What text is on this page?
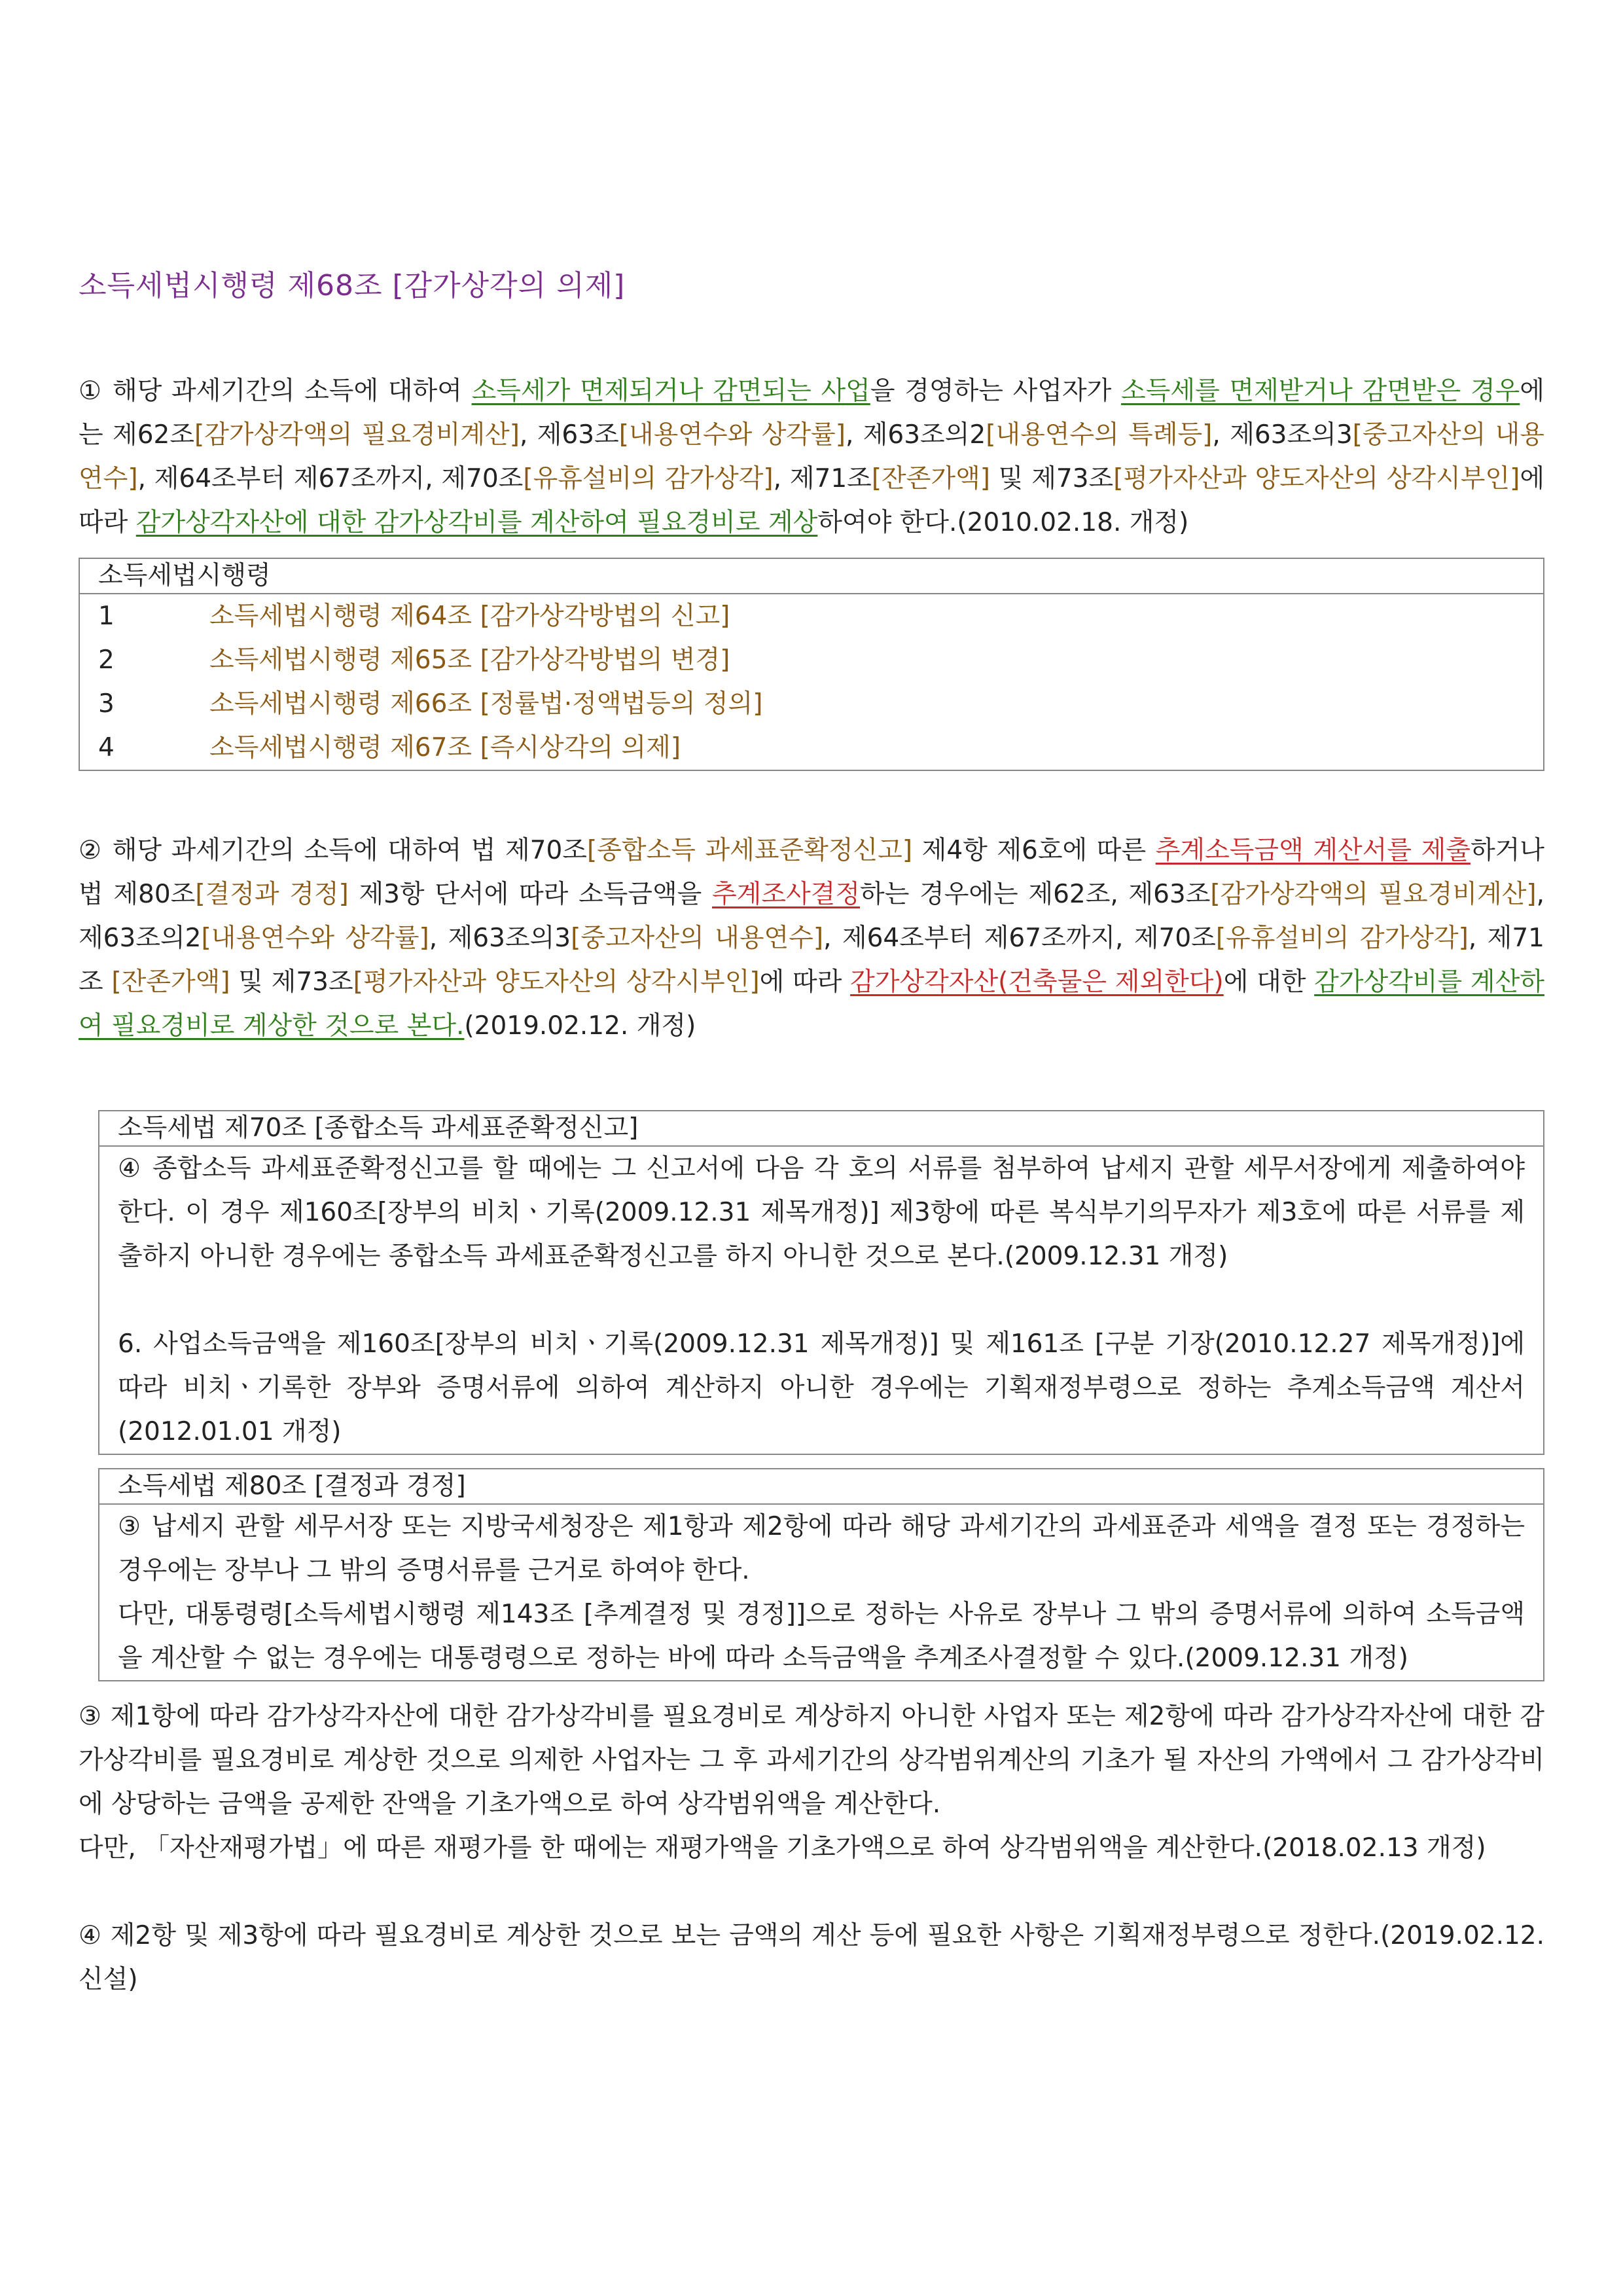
소득세법시행령 제68조 [감가상각의 의제]

① 해당 과세기간의 소득에 대하여 소득세가 면제되거나 감면되는 사업을 경영하는 사업자가 소득세를 면제받거나 감면받은 경우에는 제62조[감가상각액의 필요경비계산], 제63조[내용연수와 상각률], 제63조의2[내용연수의 특례등], 제63조의3[중고자산의 내용연수], 제64조부터 제67조까지, 제70조[유휴설비의 감가상각], 제71조[잔존가액] 및 제73조[평가자산과 양도자산의 상각시부인]에 따라 감가상각자산에 대한 감가상각비를 계산하여 필요경비로 계상하여야 한다.(2010.02.18. 개정)

소득세법시행령
1	소득세법시행령 제64조 [감가상각방법의 신고]
2	소득세법시행령 제65조 [감가상각방법의 변경]
3	소득세법시행령 제66조 [정률법·정액법등의 정의]
4	소득세법시행령 제67조 [즉시상각의 의제]

② 해당 과세기간의 소득에 대하여 법 제70조[종합소득 과세표준확정신고] 제4항 제6호에 따른 추계소득금액 계산서를 제출하거나 법 제80조[결정과 경정] 제3항 단서에 따라 소득금액을 추계조사결정하는 경우에는 제62조, 제63조[감가상각액의 필요경비계산], 제63조의2[내용연수와 상각률], 제63조의3[중고자산의 내용연수], 제64조부터 제67조까지, 제70조[유휴설비의 감가상각], 제71조 [잔존가액] 및 제73조[평가자산과 양도자산의 상각시부인]에 따라 감가상각자산(건축물은 제외한다)에 대한 감가상각비를 계산하여 필요경비로 계상한 것으로 본다.(2019.02.12. 개정)

소득세법 제70조 [종합소득 과세표준확정신고]
④ 종합소득 과세표준확정신고를 할 때에는 그 신고서에 다음 각 호의 서류를 첨부하여 납세지 관할 세무서장에게 제출하여야 한다. 이 경우 제160조[장부의 비치ㆍ기록(2009.12.31 제목개정)] 제3항에 따른 복식부기의무자가 제3호에 따른 서류를 제출하지 아니한 경우에는 종합소득 과세표준확정신고를 하지 아니한 것으로 본다.(2009.12.31 개정)
6. 사업소득금액을 제160조[장부의 비치ㆍ기록(2009.12.31 제목개정)] 및 제161조 [구분 기장(2010.12.27 제목개정)]에 따라 비치ㆍ기록한 장부와 증명서류에 의하여 계산하지 아니한 경우에는 기획재정부령으로 정하는 추계소득금액 계산서(2012.01.01 개정)
소득세법 제80조 [결정과 경정]
③ 납세지 관할 세무서장 또는 지방국세청장은 제1항과 제2항에 따라 해당 과세기간의 과세표준과 세액을 결정 또는 경정하는 경우에는 장부나 그 밖의 증명서류를 근거로 하여야 한다.
다만, 대통령령[소득세법시행령 제143조 [추계결정 및 경정]]으로 정하는 사유로 장부나 그 밖의 증명서류에 의하여 소득금액을 계산할 수 없는 경우에는 대통령령으로 정하는 바에 따라 소득금액을 추계조사결정할 수 있다.(2009.12.31 개정)

③ 제1항에 따라 감가상각자산에 대한 감가상각비를 필요경비로 계상하지 아니한 사업자 또는 제2항에 따라 감가상각자산에 대한 감가상각비를 필요경비로 계상한 것으로 의제한 사업자는 그 후 과세기간의 상각범위계산의 기초가 될 자산의 가액에서 그 감가상각비에 상당하는 금액을 공제한 잔액을 기초가액으로 하여 상각범위액을 계산한다.
다만, 「자산재평가법」에 따른 재평가를 한 때에는 재평가액을 기초가액으로 하여 상각범위액을 계산한다.(2018.02.13 개정)

④ 제2항 및 제3항에 따라 필요경비로 계상한 것으로 보는 금액의 계산 등에 필요한 사항은 기획재정부령으로 정한다.(2019.02.12. 신설)
